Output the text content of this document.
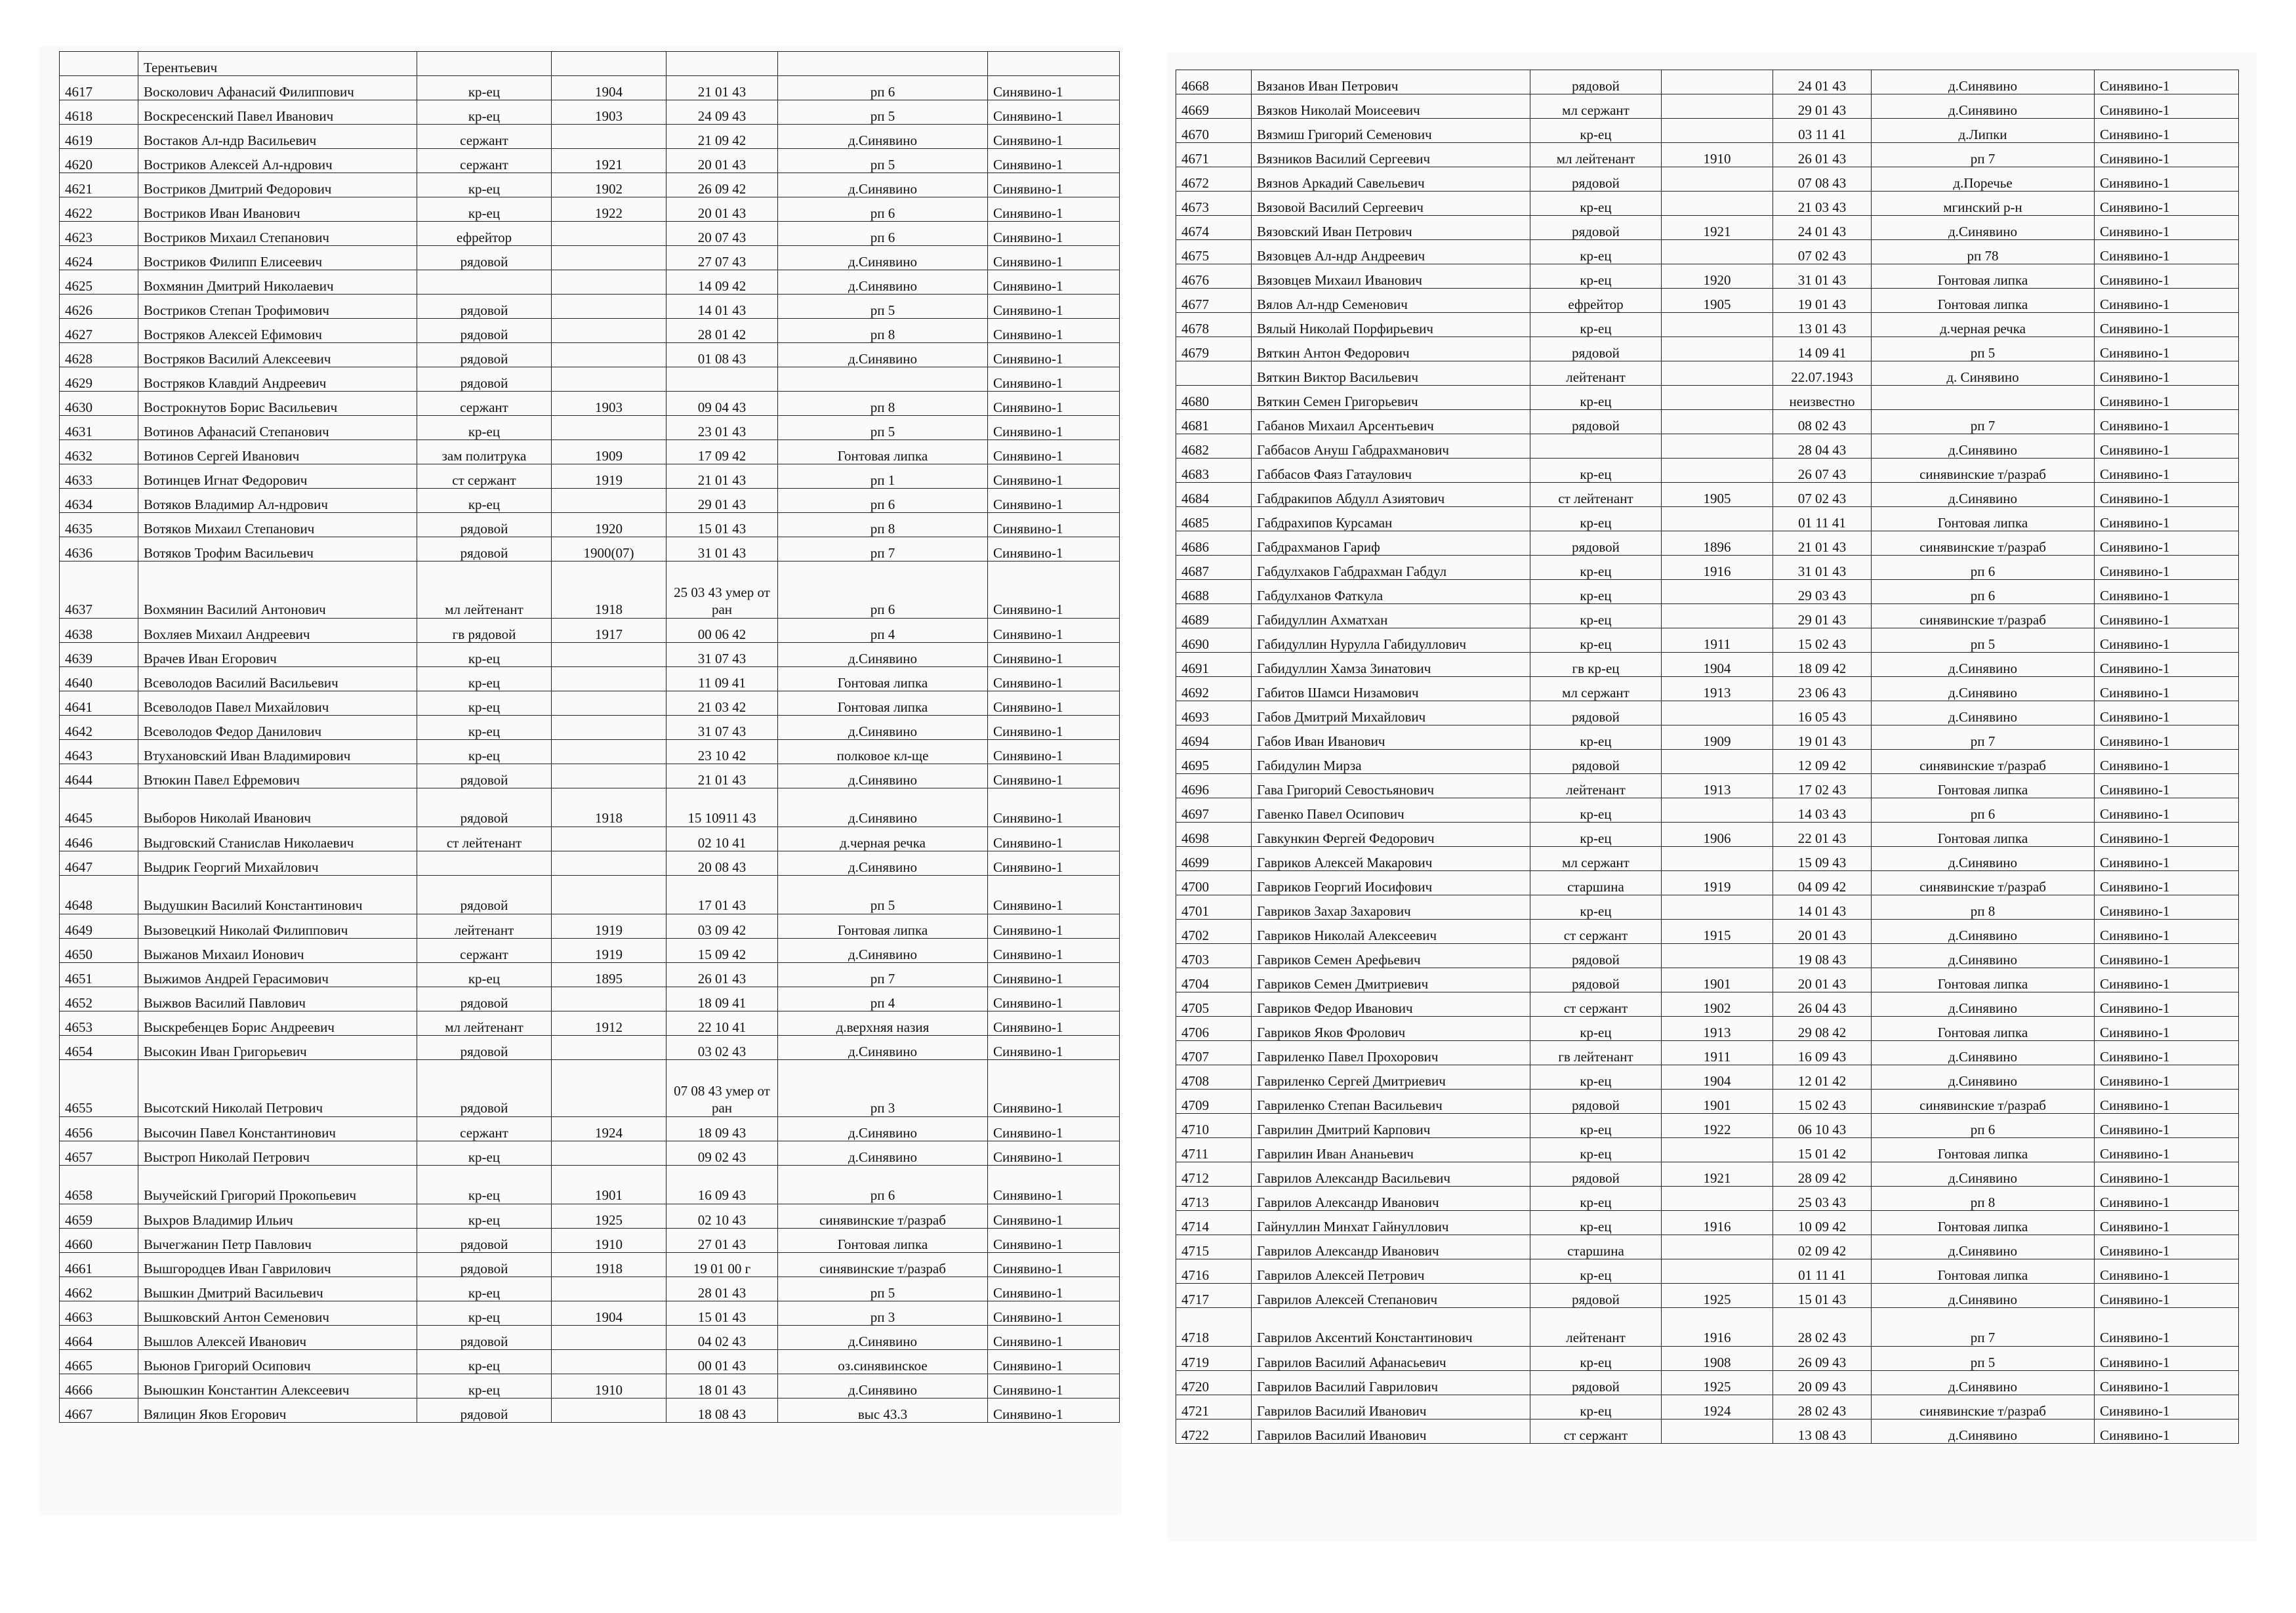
	Терентьевич					
4617	Восколович Афанасий Филиппович	кр-ец	1904	21 01 43	рп 6	Синявино-1
4618	Воскресенский Павел Иванович	кр-ец	1903	24 09 43	рп 5	Синявино-1
4619	Востаков Ал-ндр Васильевич	сержант		21 09 42	д.Синявино	Синявино-1
4620	Востриков Алексей Ал-ндрович	сержант	1921	20 01 43	рп 5	Синявино-1
4621	Востриков Дмитрий Федорович	кр-ец	1902	26 09 42	д.Синявино	Синявино-1
4622	Востриков Иван Иванович	кр-ец	1922	20 01 43	рп 6	Синявино-1
4623	Востриков Михаил Степанович	ефрейтор		20 07 43	рп 6	Синявино-1
4624	Востриков Филипп Елисеевич	рядовой		27 07 43	д.Синявино	Синявино-1
4625	Вохмянин Дмитрий Николаевич			14 09 42	д.Синявино	Синявино-1
4626	Востриков Степан Трофимович	рядовой		14 01 43	рп 5	Синявино-1
4627	Востряков Алексей Ефимович	рядовой		28 01 42	рп 8	Синявино-1
4628	Востряков Василий Алексеевич	рядовой		01 08 43	д.Синявино	Синявино-1
4629	Востряков Клавдий Андреевич	рядовой				Синявино-1
4630	Вострокнутов Борис Васильевич	сержант	1903	09 04 43	рп 8	Синявино-1
4631	Вотинов Афанасий Степанович	кр-ец		23 01 43	рп 5	Синявино-1
4632	Вотинов Сергей Иванович	зам политрука	1909	17 09 42	Гонтовая липка	Синявино-1
4633	Вотинцев Игнат Федорович	ст сержант	1919	21 01 43	рп 1	Синявино-1
4634	Вотяков Владимир Ал-ндрович	кр-ец		29 01 43	рп 6	Синявино-1
4635	Вотяков Михаил Степанович	рядовой	1920	15 01 43	рп 8	Синявино-1
4636	Вотяков Трофим Васильевич	рядовой	1900(07)	31 01 43	рп 7	Синявино-1
4637	Вохмянин Василий Антонович	мл лейтенант	1918	25 03 43 умер от ран	рп 6	Синявино-1
4638	Вохляев Михаил Андреевич	гв рядовой	1917	00 06 42	рп 4	Синявино-1
4639	Врачев Иван Егорович	кр-ец		31 07 43	д.Синявино	Синявино-1
4640	Всеволодов Василий Васильевич	кр-ец		11 09 41	Гонтовая липка	Синявино-1
4641	Всеволодов Павел Михайлович	кр-ец		21 03 42	Гонтовая липка	Синявино-1
4642	Всеволодов Федор Данилович	кр-ец		31 07 43	д.Синявино	Синявино-1
4643	Втухановский Иван Владимирович	кр-ец		23 10 42	полковое кл-ще	Синявино-1
4644	Втюкин Павел Ефремович	рядовой		21 01 43	д.Синявино	Синявино-1
4645	Выборов Николай Иванович	рядовой	1918	15 10911 43	д.Синявино	Синявино-1
4646	Выдговский Станислав Николаевич	ст лейтенант		02 10 41	д.черная речка	Синявино-1
4647	Выдрик Георгий Михайлович			20 08 43	д.Синявино	Синявино-1
4648	Выдушкин Василий Константинович	рядовой		17 01 43	рп 5	Синявино-1
4649	Вызовецкий Николай Филиппович	лейтенант	1919	03 09 42	Гонтовая липка	Синявино-1
4650	Выжанов Михаил Ионович	сержант	1919	15 09 42	д.Синявино	Синявино-1
4651	Выжимов Андрей Герасимович	кр-ец	1895	26 01 43	рп 7	Синявино-1
4652	Выжвов Василий Павлович	рядовой		18 09 41	рп 4	Синявино-1
4653	Выскребенцев Борис Андреевич	мл лейтенант	1912	22 10 41	д.верхняя назия	Синявино-1
4654	Высокин Иван Григорьевич	рядовой		03 02 43	д.Синявино	Синявино-1
4655	Высотский Николай Петрович	рядовой		07 08 43 умер от ран	рп 3	Синявино-1
4656	Высочин Павел Константинович	сержант	1924	18 09 43	д.Синявино	Синявино-1
4657	Выстроп Николай Петрович	кр-ец		09 02 43	д.Синявино	Синявино-1
4658	Выучейский Григорий Прокопьевич	кр-ец	1901	16 09 43	рп 6	Синявино-1
4659	Выхров Владимир Ильич	кр-ец	1925	02 10 43	синявинские т/разраб	Синявино-1
4660	Вычегжанин Петр Павлович	рядовой	1910	27 01 43	Гонтовая липка	Синявино-1
4661	Вышгородцев Иван Гаврилович	рядовой	1918	19 01 00 г	синявинские т/разраб	Синявино-1
4662	Вышкин Дмитрий Васильевич	кр-ец		28 01 43	рп 5	Синявино-1
4663	Вышковский Антон Семенович	кр-ец	1904	15 01 43	рп 3	Синявино-1
4664	Вышлов Алексей Иванович	рядовой		04 02 43	д.Синявино	Синявино-1
4665	Вьюнов Григорий Осипович	кр-ец		00 01 43	оз.синявинское	Синявино-1
4666	Выюшкин Константин Алексеевич	кр-ец	1910	18 01 43	д.Синявино	Синявино-1
4667	Вялицин Яков Егорович	рядовой		18 08 43	выс 43.3	Синявино-1
4668	Вязанов Иван Петрович	рядовой		24 01 43	д.Синявино	Синявино-1
4669	Вязков Николай Моисеевич	мл сержант		29 01 43	д.Синявино	Синявино-1
4670	Вязмиш Григорий Семенович	кр-ец		03 11 41	д.Липки	Синявино-1
4671	Вязников Василий Сергеевич	мл лейтенант	1910	26 01 43	рп 7	Синявино-1
4672	Вязнов Аркадий Савельевич	рядовой		07 08 43	д.Поречье	Синявино-1
4673	Вязовой Василий Сергеевич	кр-ец		21 03 43	мгинский р-н	Синявино-1
4674	Вязовский Иван Петрович	рядовой	1921	24 01 43	д.Синявино	Синявино-1
4675	Вязовцев Ал-ндр Андреевич	кр-ец		07 02 43	рп 78	Синявино-1
4676	Вязовцев Михаил Иванович	кр-ец	1920	31 01 43	Гонтовая липка	Синявино-1
4677	Вялов Ал-ндр Семенович	ефрейтор	1905	19 01 43	Гонтовая липка	Синявино-1
4678	Вялый Николай Порфирьевич	кр-ец		13 01 43	д.черная речка	Синявино-1
4679	Вяткин Антон Федорович	рядовой		14 09 41	рп 5	Синявино-1
	Вяткин Виктор Васильевич	лейтенант		22.07.1943	д. Синявино	Синявино-1
4680	Вяткин Семен Григорьевич	кр-ец		неизвестно		Синявино-1
4681	Габанов Михаил Арсентьевич	рядовой		08 02 43	рп 7	Синявино-1
4682	Габбасов Ануш Габдрахманович			28 04 43	д.Синявино	Синявино-1
4683	Габбасов Фаяз Гатаулович	кр-ец		26 07 43	синявинские т/разраб	Синявино-1
4684	Габдракипов Абдулл Азиятович	ст лейтенант	1905	07 02 43	д.Синявино	Синявино-1
4685	Габдрахипов Курсаман	кр-ец		01 11 41	Гонтовая липка	Синявино-1
4686	Габдрахманов Гариф	рядовой	1896	21 01 43	синявинские т/разраб	Синявино-1
4687	Габдулхаков Габдрахман Габдул	кр-ец	1916	31 01 43	рп 6	Синявино-1
4688	Габдулханов Фаткула	кр-ец		29 03 43	рп 6	Синявино-1
4689	Габидуллин Ахматхан	кр-ец		29 01 43	синявинские т/разраб	Синявино-1
4690	Габидуллин Нурулла Габидуллович	кр-ец	1911	15 02 43	рп 5	Синявино-1
4691	Габидуллин Хамза Зинатович	гв кр-ец	1904	18 09 42	д.Синявино	Синявино-1
4692	Габитов Шамси Низамович	мл сержант	1913	23 06 43	д.Синявино	Синявино-1
4693	Габов Дмитрий Михайлович	рядовой		16 05 43	д.Синявино	Синявино-1
4694	Габов Иван Иванович	кр-ец	1909	19 01 43	рп 7	Синявино-1
4695	Габидулин Мирза	рядовой		12 09 42	синявинские т/разраб	Синявино-1
4696	Гава Григорий Севостьянович	лейтенант	1913	17 02 43	Гонтовая липка	Синявино-1
4697	Гавенко Павел Осипович	кр-ец		14 03 43	рп 6	Синявино-1
4698	Гавкункин Фергей Федорович	кр-ец	1906	22 01 43	Гонтовая липка	Синявино-1
4699	Гавриков Алексей Макарович	мл сержант		15 09 43	д.Синявино	Синявино-1
4700	Гавриков Георгий Иосифович	старшина	1919	04 09 42	синявинские т/разраб	Синявино-1
4701	Гавриков Захар Захарович	кр-ец		14 01 43	рп 8	Синявино-1
4702	Гавриков Николай Алексеевич	ст сержант	1915	20 01 43	д.Синявино	Синявино-1
4703	Гавриков Семен Арефьевич	рядовой		19 08 43	д.Синявино	Синявино-1
4704	Гавриков Семен Дмитриевич	рядовой	1901	20 01 43	Гонтовая липка	Синявино-1
4705	Гавриков Федор Иванович	ст сержант	1902	26 04 43	д.Синявино	Синявино-1
4706	Гавриков Яков Фролович	кр-ец	1913	29 08 42	Гонтовая липка	Синявино-1
4707	Гавриленко Павел Прохорович	гв лейтенант	1911	16 09 43	д.Синявино	Синявино-1
4708	Гавриленко Сергей Дмитриевич	кр-ец	1904	12 01 42	д.Синявино	Синявино-1
4709	Гавриленко Степан Васильевич	рядовой	1901	15 02 43	синявинские т/разраб	Синявино-1
4710	Гаврилин Дмитрий Карпович	кр-ец	1922	06 10 43	рп 6	Синявино-1
4711	Гаврилин Иван Ананьевич	кр-ец		15 01 42	Гонтовая липка	Синявино-1
4712	Гаврилов Александр Васильевич	рядовой	1921	28 09 42	д.Синявино	Синявино-1
4713	Гаврилов Александр Иванович	кр-ец		25 03 43	рп 8	Синявино-1
4714	Гайнуллин Минхат Гайнуллович	кр-ец	1916	10 09 42	Гонтовая липка	Синявино-1
4715	Гаврилов Александр Иванович	старшина		02 09 42	д.Синявино	Синявино-1
4716	Гаврилов Алексей Петрович	кр-ец		01 11 41	Гонтовая липка	Синявино-1
4717	Гаврилов Алексей Степанович	рядовой	1925	15 01 43	д.Синявино	Синявино-1
4718	Гаврилов Аксентий Константинович	лейтенант	1916	28 02 43	рп 7	Синявино-1
4719	Гаврилов Василий Афанасьевич	кр-ец	1908	26 09 43	рп 5	Синявино-1
4720	Гаврилов Василий Гаврилович	рядовой	1925	20 09 43	д.Синявино	Синявино-1
4721	Гаврилов Василий Иванович	кр-ец	1924	28 02 43	синявинские т/разраб	Синявино-1
4722	Гаврилов Василий Иванович	ст сержант		13 08 43	д.Синявино	Синявино-1
